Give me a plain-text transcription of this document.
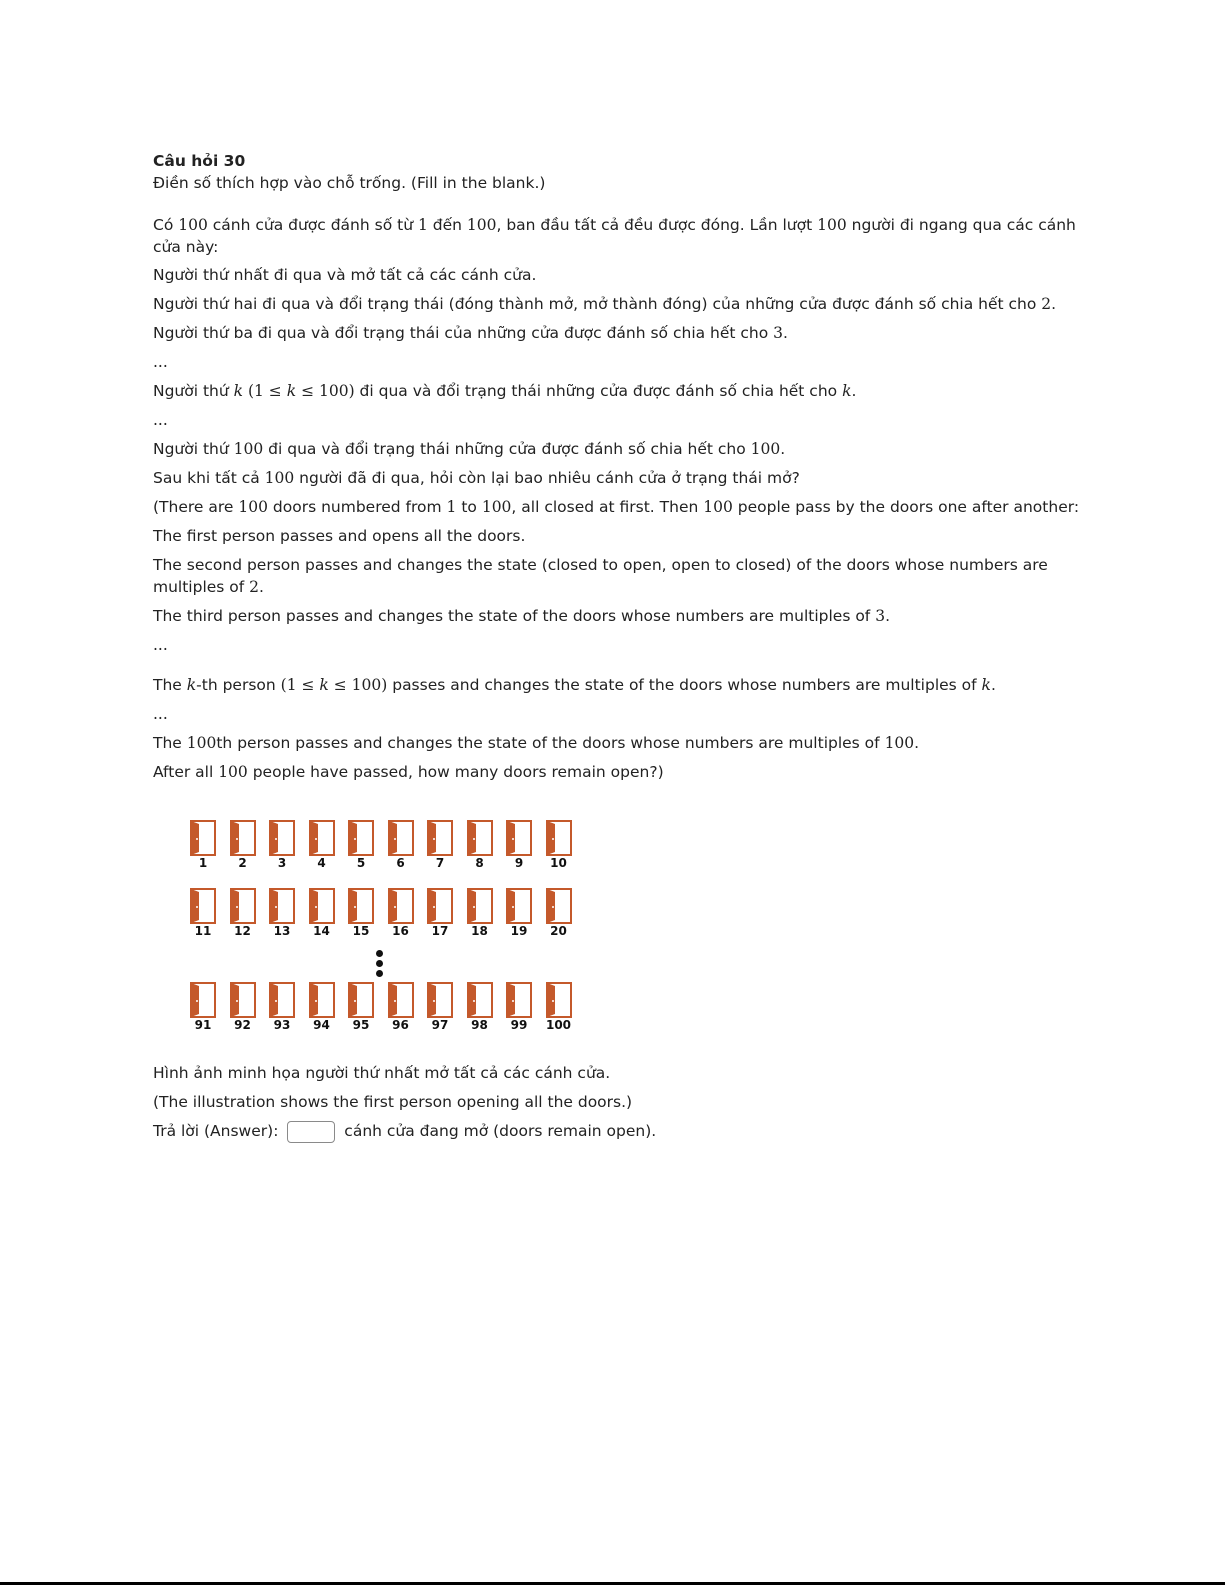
Câu hỏi 30

Điền số thích hợp vào chỗ trống. (Fill in the blank.)

Có 100 cánh cửa được đánh số từ 1 đến 100, ban đầu tất cả đều được đóng. Lần lượt 100 người đi ngang qua các cánh

cửa này:

Người thứ nhất đi qua và mở tất cả các cánh cửa.

Người thứ hai đi qua và đổi trạng thái (đóng thành mở, mở thành đóng) của những cửa được đánh số chia hết cho 2.

Người thứ ba đi qua và đổi trạng thái của những cửa được đánh số chia hết cho 3.

...

Người thứ k (1 ≤ k ≤ 100) đi qua và đổi trạng thái những cửa được đánh số chia hết cho k.

...

Người thứ 100 đi qua và đổi trạng thái những cửa được đánh số chia hết cho 100.

Sau khi tất cả 100 người đã đi qua, hỏi còn lại bao nhiêu cánh cửa ở trạng thái mở?

(There are 100 doors numbered from 1 to 100, all closed at first. Then 100 people pass by the doors one after another:

The first person passes and opens all the doors.

The second person passes and changes the state (closed to open, open to closed) of the doors whose numbers are

multiples of 2.

The third person passes and changes the state of the doors whose numbers are multiples of 3.

...

The k-th person (1 ≤ k ≤ 100) passes and changes the state of the doors whose numbers are multiples of k.

...

The 100th person passes and changes the state of the doors whose numbers are multiples of 100.

After all 100 people have passed, how many doors remain open?)

1	2	3	4	5	6	7	8	9	10
11	12	13	14	15	16	17	18	19	20
91	92	93	94	95	96	97	98	99	100

Hình ảnh minh họa người thứ nhất mở tất cả các cánh cửa.

(The illustration shows the first person opening all the doors.)

Trả lời (Answer):	cánh cửa đang mở (doors remain open).
